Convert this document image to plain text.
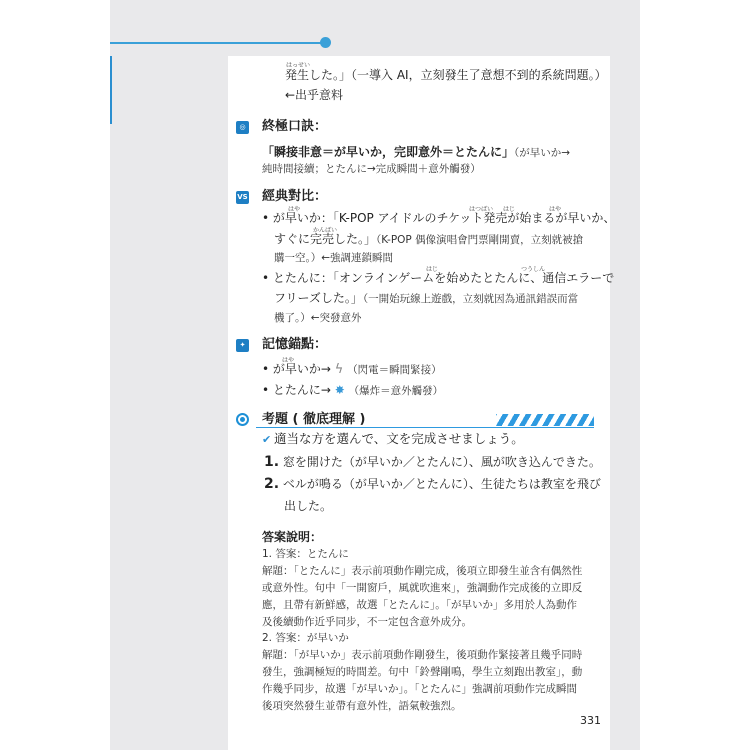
はっせい
発生した。」（一導入 AI，立刻發生了意想不到的系統問題。）
←出乎意料
◎ 終極口訣：
「瞬接非意＝が早いか，完即意外＝とたんに」（が早いか→
純時間接續；とたんに→完成瞬間＋意外觸發）
VS 經典對比：
はや	はつばい はじ	はや
• が早いか：「K-POP アイドルのチケット発売が始まるが早いか、
かんばい
すぐに完売した。」（K-POP 偶像演唱會門票剛開賣，立刻就被搶
購一空。）←強調連鎖瞬間
はじ	つうしん
• とたんに：「オンラインゲームを始めたとたんに、通信エラーで
フリーズした。」（一開始玩線上遊戲，立刻就因為通訊錯誤而當
機了。）←突發意外
✦ 記憶錨點：
はや
• が早いか→ ϟ （閃電＝瞬間緊接）
• とたんに→ ✸ （爆炸＝意外觸發）
考題 ( 徹底理解 )
✔ 適当な方を選んで、文を完成させましょう。
1. 窓を開けた（が早いか／とたんに）、風が吹き込んできた。
2. ベルが鳴る（が早いか／とたんに）、生徒たちは教室を飛び
出した。
答案說明：
1. 答案：とたんに
解題：「とたんに」表示前項動作剛完成，後項立即發生並含有偶然性
或意外性。句中「一開窗戶，風就吹進來」，強調動作完成後的立即反
應，且帶有新鮮感，故選「とたんに」。「が早いか」多用於人為動作
及後續動作近乎同步，不一定包含意外成分。
2. 答案：が早いか
解題：「が早いか」表示前項動作剛發生，後項動作緊接著且幾乎同時
發生，強調極短的時間差。句中「鈴聲剛鳴，學生立刻跑出教室」，動
作幾乎同步，故選「が早いか」。「とたんに」強調前項動作完成瞬間
後項突然發生並帶有意外性，語氣較強烈。
331
